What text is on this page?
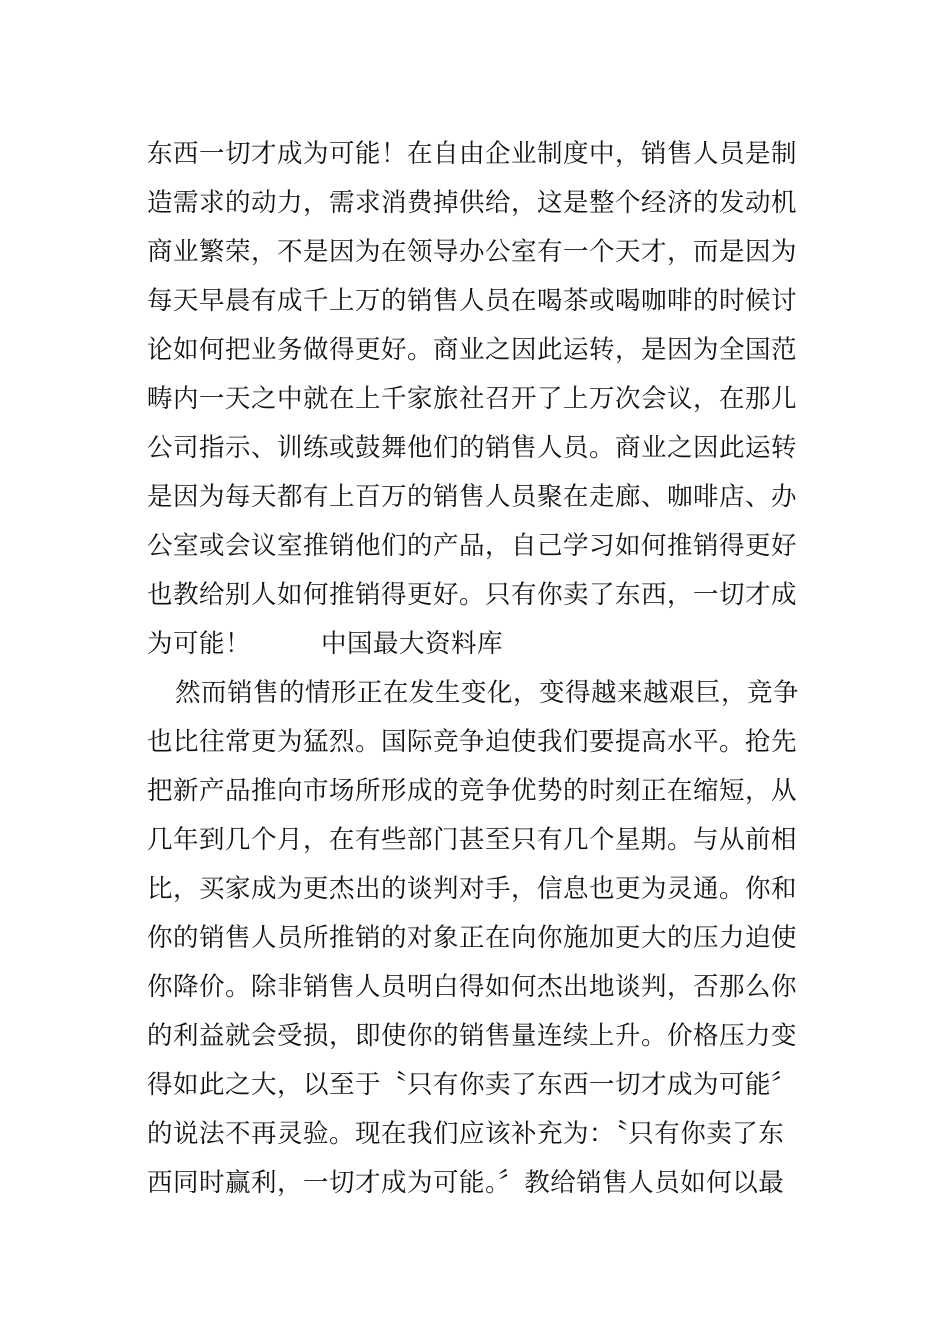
东西一切才成为可能！在自由企业制度中，销售人员是制
造需求的动力，需求消费掉供给，这是整个经济的发动机
商业繁荣，不是因为在领导办公室有一个天才，而是因为
每天早晨有成千上万的销售人员在喝茶或喝咖啡的时候讨
论如何把业务做得更好。商业之因此运转，是因为全国范
畴内一天之中就在上千家旅社召开了上万次会议，在那儿
公司指示、训练或鼓舞他们的销售人员。商业之因此运转
是因为每天都有上百万的销售人员聚在走廊、咖啡店、办
公室或会议室推销他们的产品，自己学习如何推销得更好
也教给别人如何推销得更好。只有你卖了东西，一切才成
为可能！	中国最大资料库
然而销售的情形正在发生变化，变得越来越艰巨，竞争
也比往常更为猛烈。国际竞争迫使我们要提高水平。抢先
把新产品推向市场所形成的竞争优势的时刻正在缩短，从
几年到几个月，在有些部门甚至只有几个星期。与从前相
比，买家成为更杰出的谈判对手，信息也更为灵通。你和
你的销售人员所推销的对象正在向你施加更大的压力迫使
你降价。除非销售人员明白得如何杰出地谈判，否那么你
的利益就会受损，即使你的销售量连续上升。价格压力变
得如此之大，以至于〝只有你卖了东西一切才成为可能〞
的说法不再灵验。现在我们应该补充为：〝只有你卖了东
西同时赢利，一切才成为可能。〞教给销售人员如何以最
